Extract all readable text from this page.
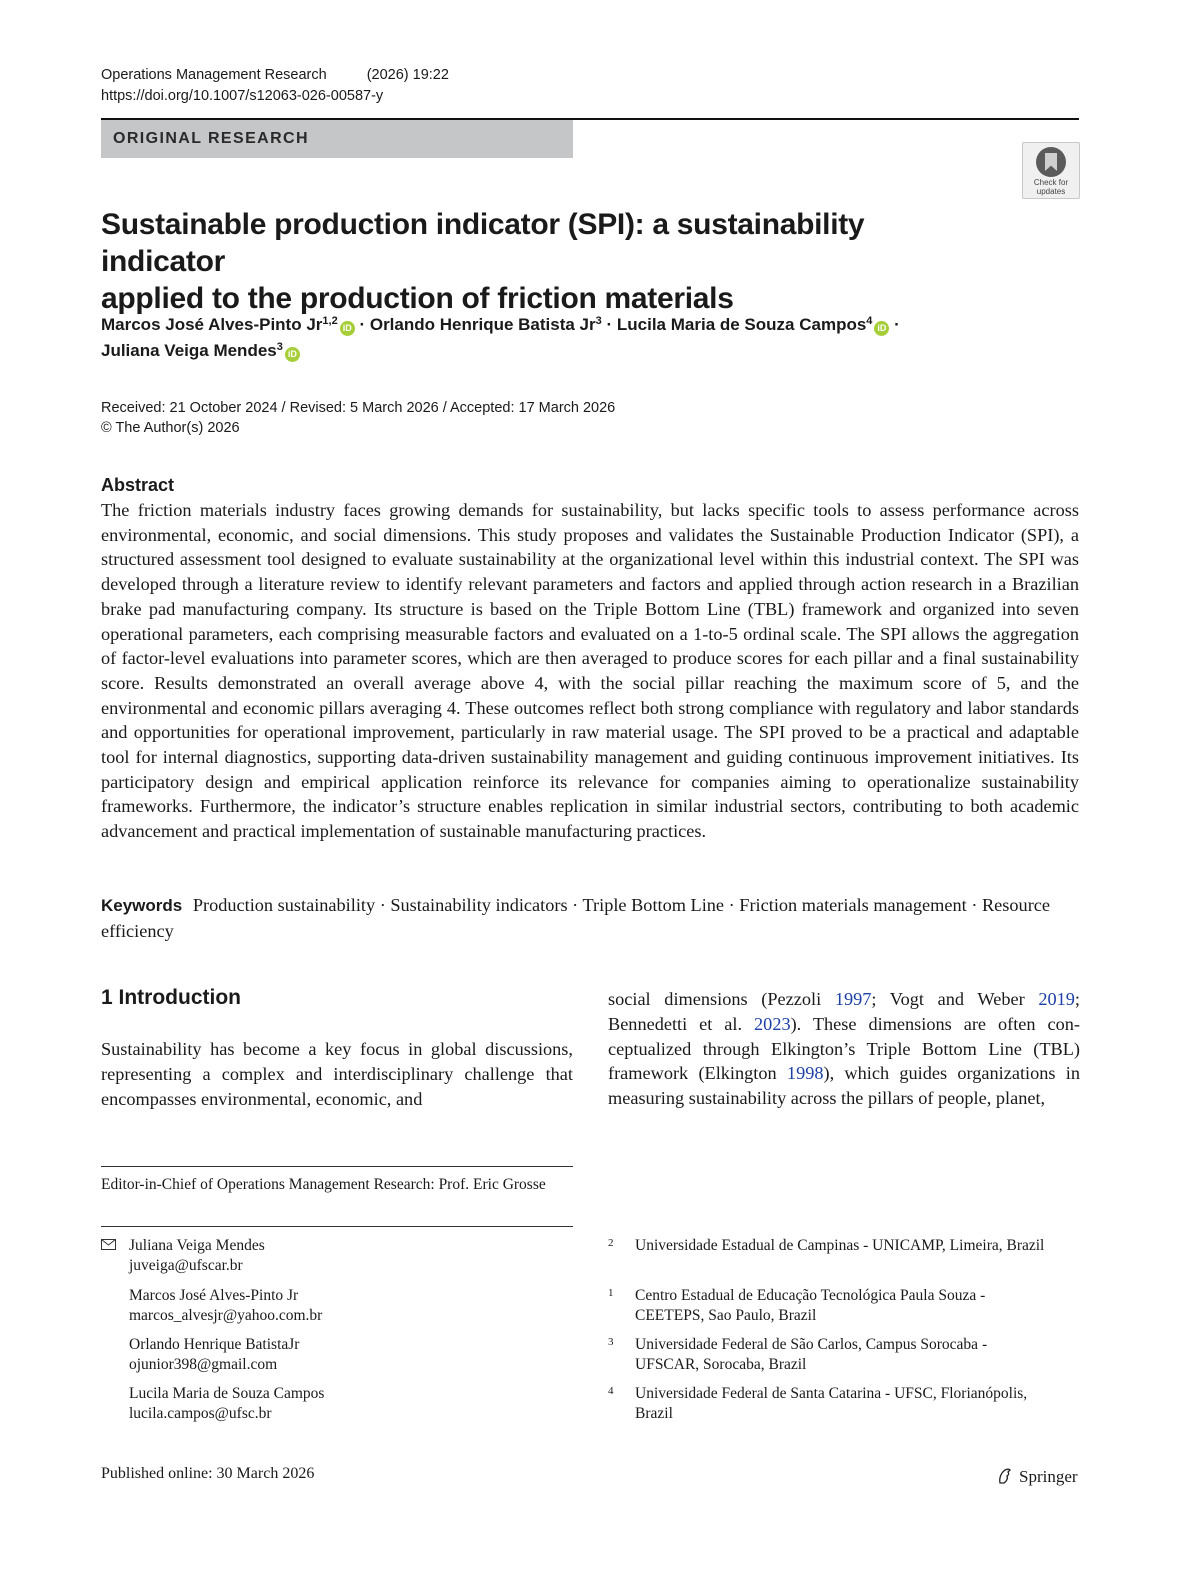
Operations Management Research	(2026) 19:22
https://doi.org/10.1007/s12063-026-00587-y
ORIGINAL RESEARCH
Check for
updates
Sustainable production indicator (SPI): a sustainability indicator
applied to the production of friction materials
Marcos José Alves-Pinto Jr$^{1,2}$iD · Orlando Henrique Batista $Jr^3$ · Lucila Maria de Souza Campos$^4$iD ·
Juliana Veiga Mendes$^3$iD
Received: 21 October 2024 / Revised: 5 March 2026 / Accepted: 17 March 2026
© The Author(s) 2026
Abstract
The friction materials industry faces growing demands for sustainability, but lacks specific tools to assess performance across environmental, economic, and social dimensions. This study proposes and validates the Sustainable Production Indicator (SPI), a structured assessment tool designed to evaluate sustainability at the organizational level within this industrial context. The SPI was developed through a literature review to identify relevant parameters and factors and applied through action research in a Brazilian brake pad manufacturing company. Its structure is based on the Triple Bottom Line (TBL) framework and organized into seven operational parameters, each comprising measurable factors and evaluated on a 1-to-5 ordinal scale. The SPI allows the aggregation of factor-level evaluations into parameter scores, which are then averaged to produce scores for each pillar and a final sustainability score. Results demonstrated an overall average above 4, with the social pillar reaching the maximum score of 5, and the environmental and economic pillars averaging 4. These outcomes reflect both strong compliance with regulatory and labor standards and opportunities for operational improvement, particularly in raw material usage. The SPI proved to be a practical and adaptable tool for internal diagnostics, supporting data-driven sustainability management and guiding continuous improvement initiatives. Its participatory design and empirical application reinforce its relevance for companies aiming to operationalize sustainability frameworks. Furthermore, the indicator’s structure enables replication in similar industrial sectors, contributing to both academic advancement and practical implementation of sustainable manufacturing practices.
Keywords Production sustainability · Sustainability indicators · Triple Bottom Line · Friction materials management · Resource efficiency
1 Introduction
Sustainability has become a key focus in global discussions, representing a complex and interdisciplinary challenge that encompasses environmental, economic, and
social dimensions (Pezzoli 1997; Vogt and Weber 2019; Bennedetti et al. 2023). These dimensions are often conceptualized through Elkington’s Triple Bottom Line (TBL) framework (Elkington 1998), which guides organizations in measuring sustainability across the pillars of people, planet,
Editor-in-Chief of Operations Management Research: Prof. Eric Grosse
Juliana Veiga Mendes
juveiga@ufscar.br
Marcos José Alves-Pinto Jr
marcos_alvesjr@yahoo.com.br
Orlando Henrique BatistaJr
ojunior398@gmail.com
Lucila Maria de Souza Campos
lucila.campos@ufsc.br
2 Universidade Estadual de Campinas - UNICAMP, Limeira, Brazil
1 Centro Estadual de Educação Tecnológica Paula Souza - CEETEPS, Sao Paulo, Brazil
3 Universidade Federal de São Carlos, Campus Sorocaba - UFSCAR, Sorocaba, Brazil
4 Universidade Federal de Santa Catarina - UFSC, Florianópolis, Brazil
Published online: 30 March 2026	Springer
